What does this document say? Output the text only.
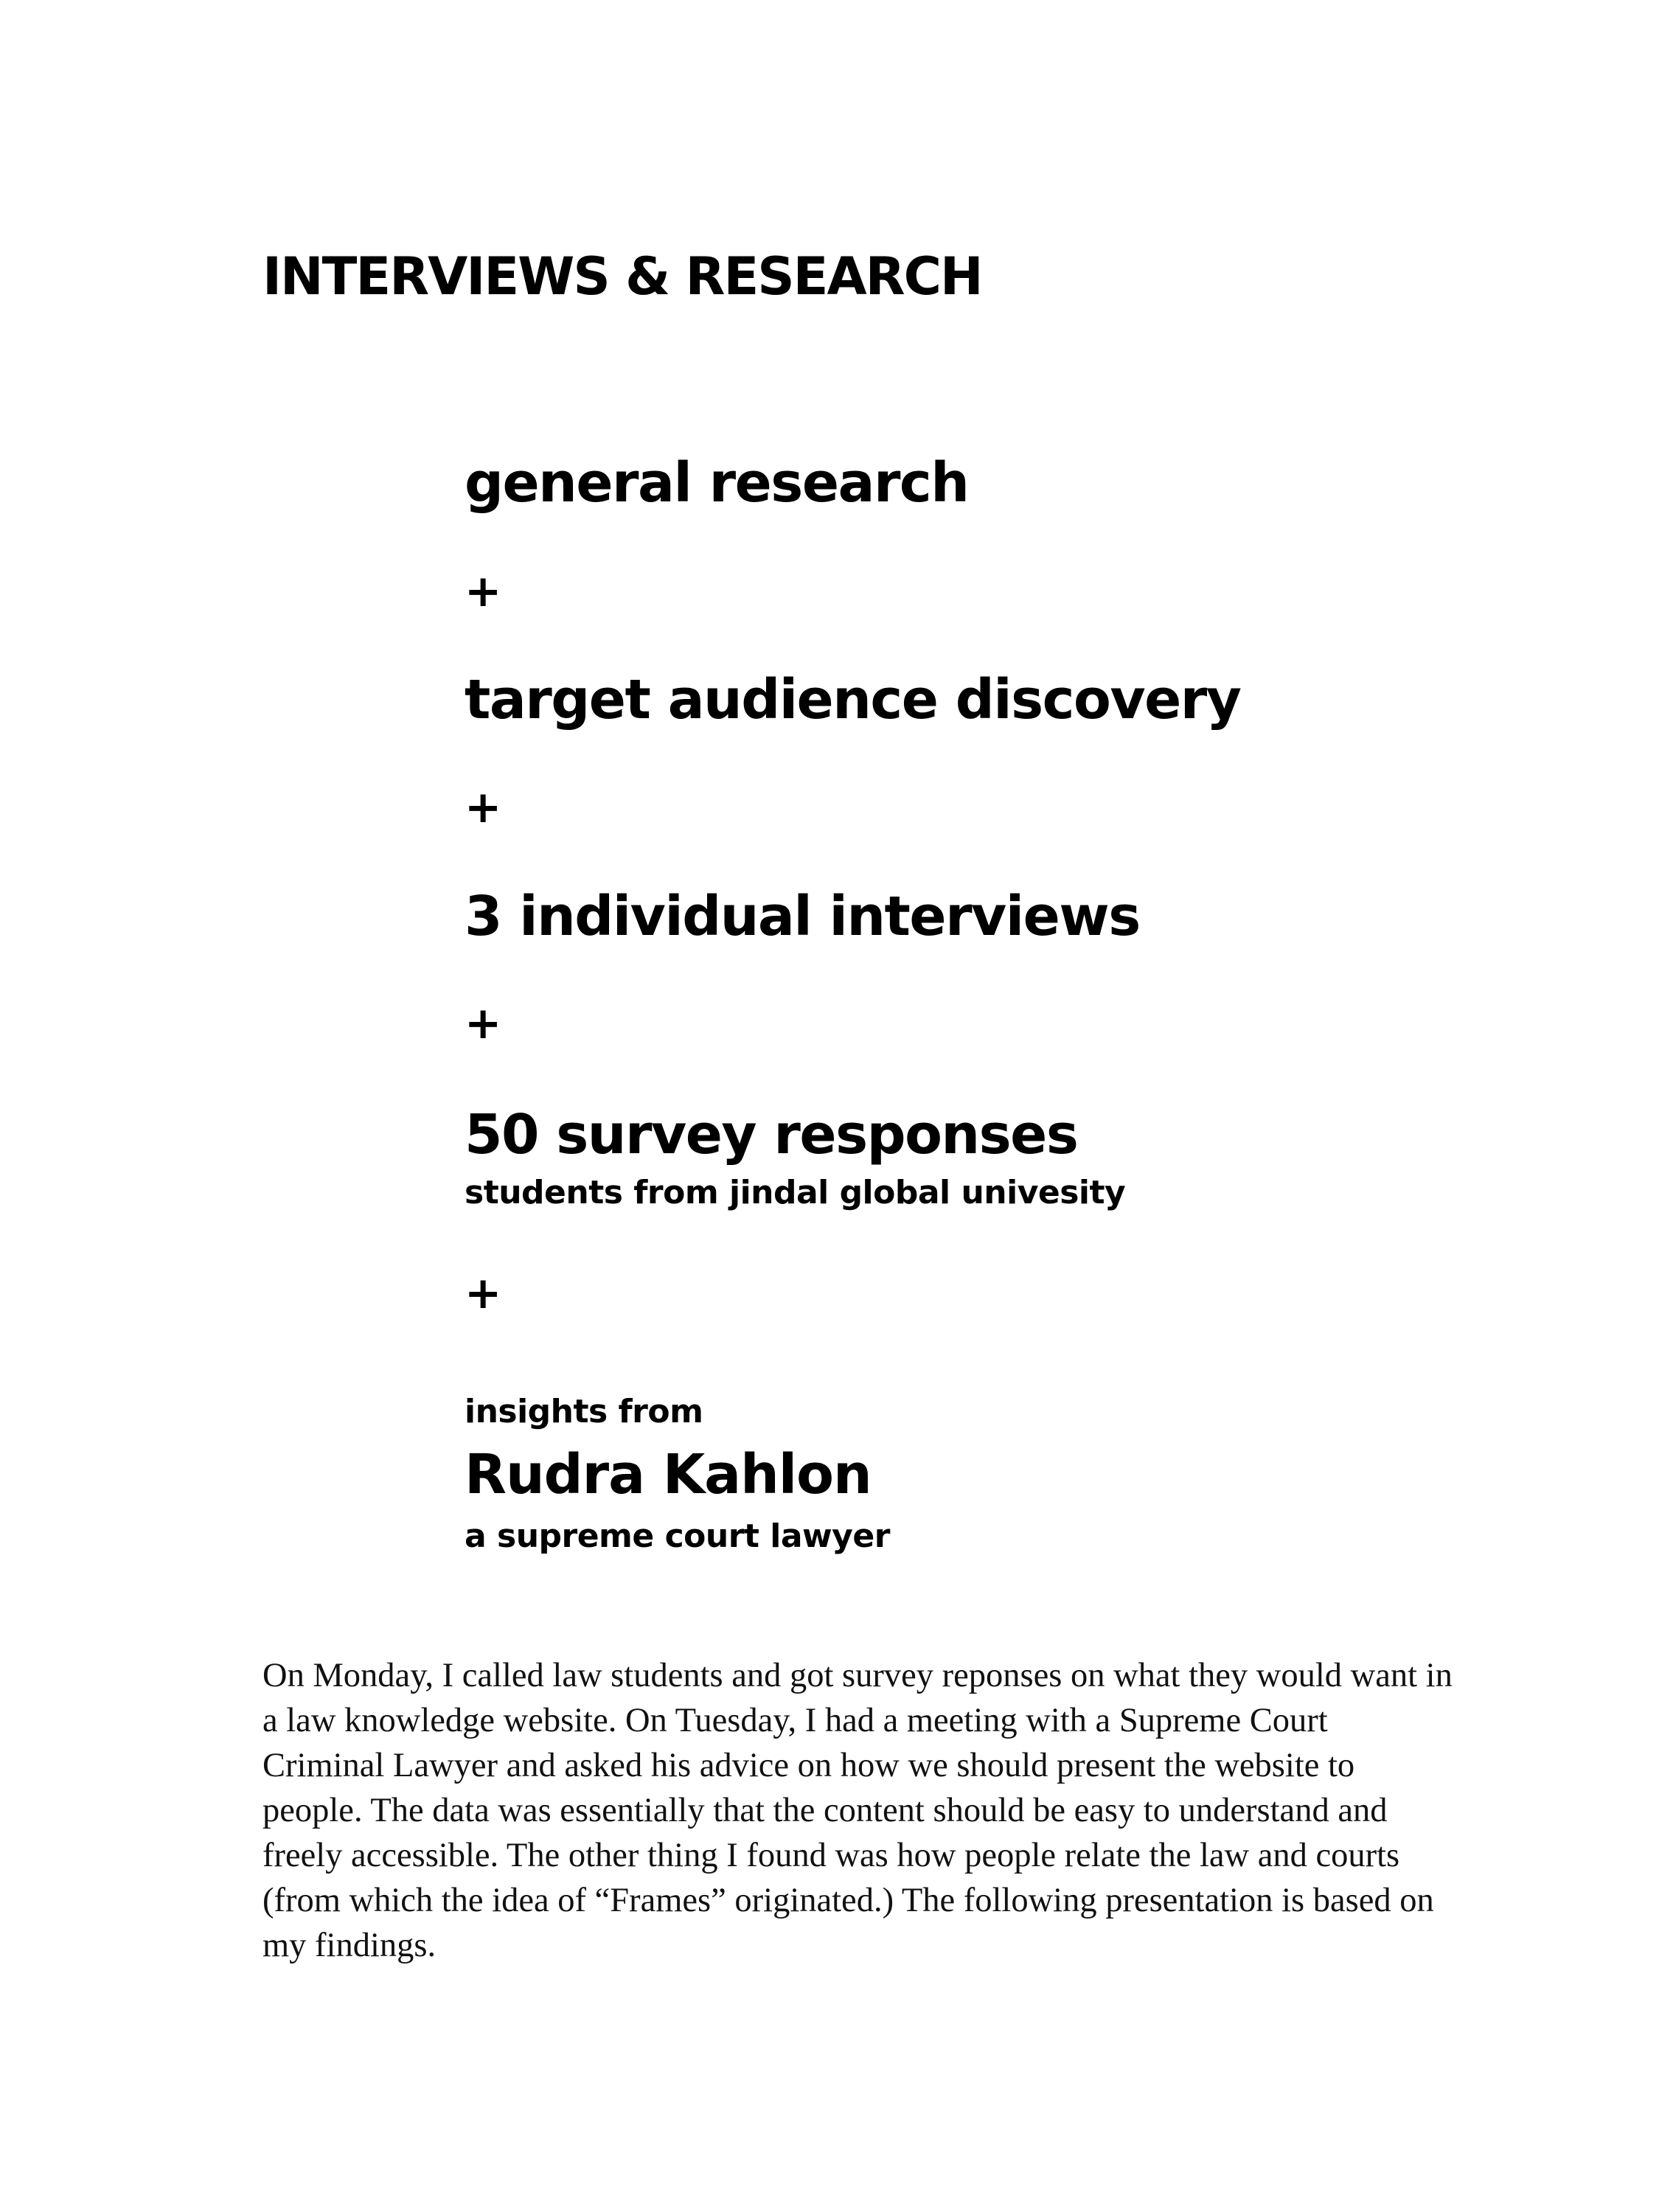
INTERVIEWS & RESEARCH
general research
+
target audience discovery
+
3 individual interviews
+
50 survey responses
students from jindal global univesity
+
insights from
Rudra Kahlon
a supreme court lawyer

On Monday, I called law students and got survey reponses on what they would want in a law knowledge website. On Tuesday, I had a meeting with a Supreme Court Criminal Lawyer and asked his advice on how we should present the website to people. The data was essentially that the content should be easy to understand and freely accessible. The other thing I found was how people relate the law and courts (from which the idea of “Frames” originated.) The following presentation is based on my findings.
